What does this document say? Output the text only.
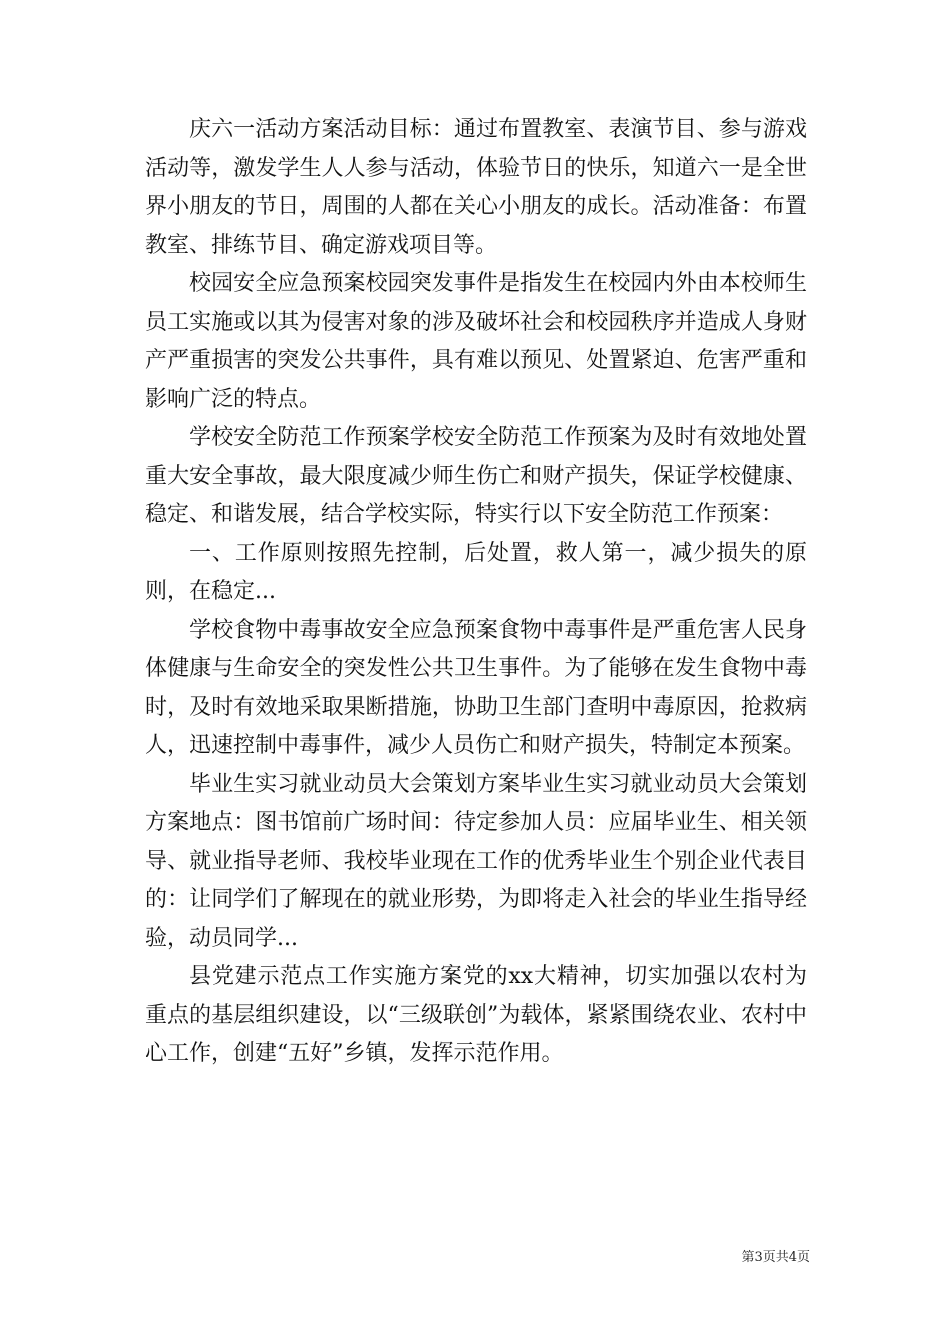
庆六一活动方案活动目标：通过布置教室、表演节目、参与游戏活动等，激发学生人人参与活动，体验节日的快乐，知道六一是全世界小朋友的节日，周围的人都在关心小朋友的成长。活动准备：布置教室、排练节目、确定游戏项目等。

校园安全应急预案校园突发事件是指发生在校园内外由本校师生员工实施或以其为侵害对象的涉及破坏社会和校园秩序并造成人身财产严重损害的突发公共事件，具有难以预见、处置紧迫、危害严重和影响广泛的特点。

学校安全防范工作预案学校安全防范工作预案为及时有效地处置重大安全事故，最大限度减少师生伤亡和财产损失，保证学校健康、稳定、和谐发展，结合学校实际，特实行以下安全防范工作预案：

一、工作原则按照先控制，后处置，救人第一，减少损失的原则，在稳定...

学校食物中毒事故安全应急预案食物中毒事件是严重危害人民身体健康与生命安全的突发性公共卫生事件。为了能够在发生食物中毒时，及时有效地采取果断措施，协助卫生部门查明中毒原因，抢救病人，迅速控制中毒事件，减少人员伤亡和财产损失，特制定本预案。

毕业生实习就业动员大会策划方案毕业生实习就业动员大会策划方案地点：图书馆前广场时间：待定参加人员：应届毕业生、相关领导、就业指导老师、我校毕业现在工作的优秀毕业生个别企业代表目的：让同学们了解现在的就业形势，为即将走入社会的毕业生指导经验，动员同学...

县党建示范点工作实施方案党的xx大精神，切实加强以农村为重点的基层组织建设，以“三级联创”为载体，紧紧围绕农业、农村中心工作，创建“五好”乡镇，发挥示范作用。

第3页共4页
